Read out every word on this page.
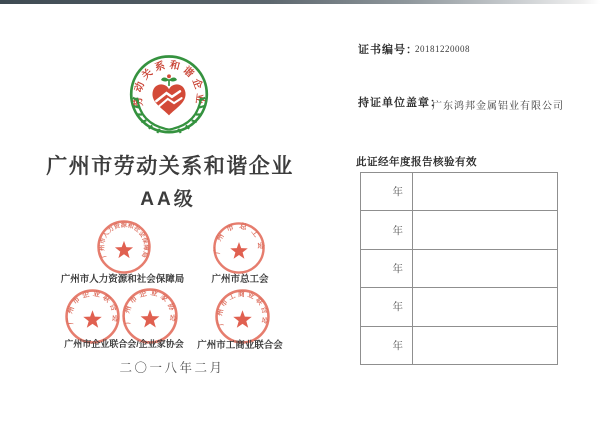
劳动关系和谐企业
广州市劳动关系和谐企业
AA级
广州市人力资源和社会保障局
广州市总工会
广州市企业联合会 广州市企业家协会	广州市工商业联合会
广州市人力资源和社会保障局	广州市总工会
广州市企业联合会/企业家协会	广州市工商业联合会
二〇一八年二月
证书编号：
20181220008
持证单位盖章：
广东鸿邦金属铝业有限公司
此证经年度报告核验有效
年
年
年
年
年
